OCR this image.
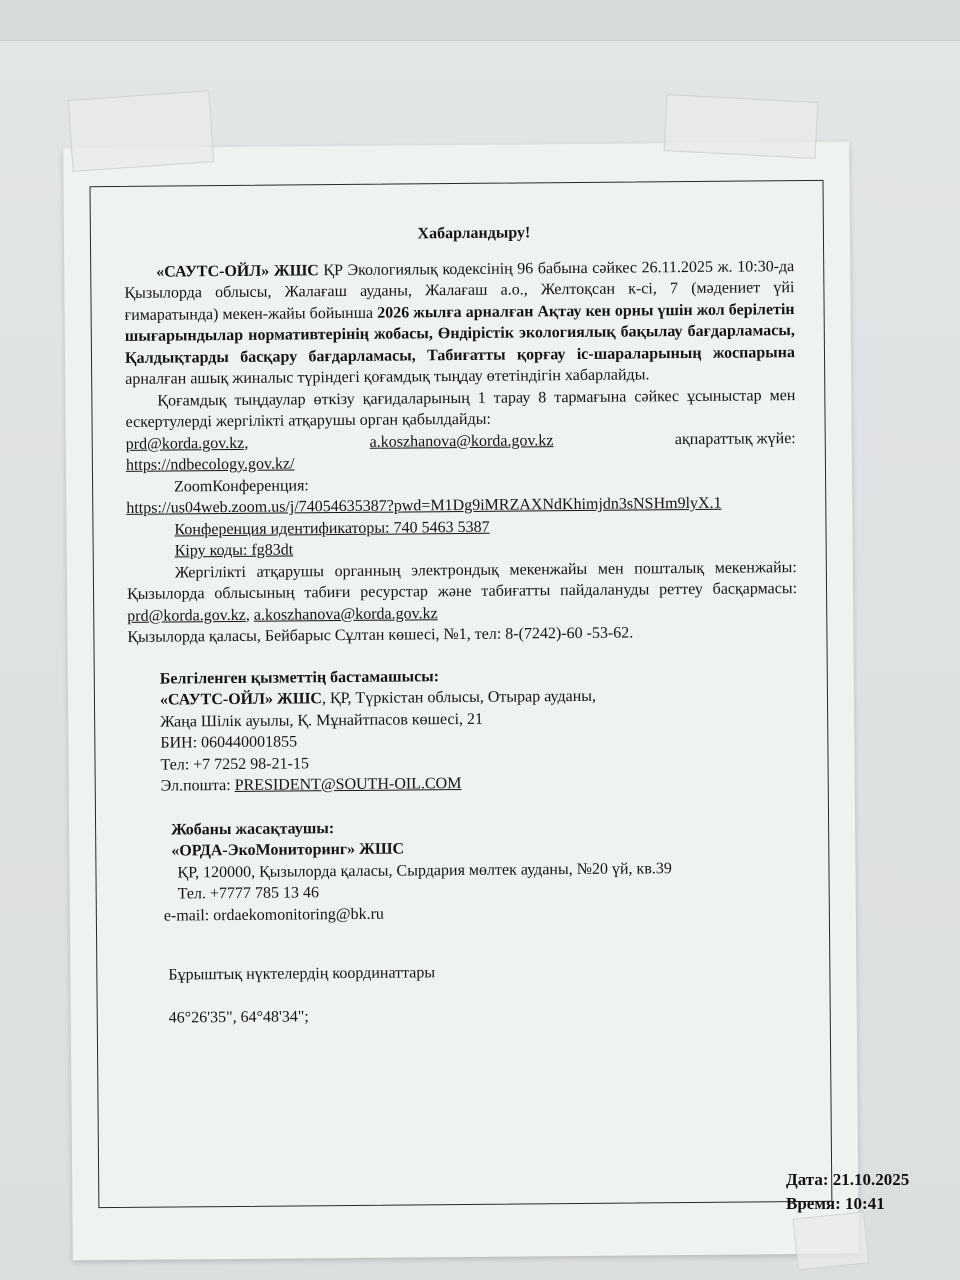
Хабарландыру!

«САУТС-ОЙЛ» ЖШС ҚР Экологиялық кодексінің 96 бабына сәйкес 26.11.2025 ж. 10:30-да Қызылорда облысы, Жалағаш ауданы, Жалағаш а.о., Желтоқсан к-сі, 7 (мәдениет үйі ғимаратында) мекен-жайы бойынша 2026 жылға арналған Ақтау кен орны үшін жол берілетін шығарындылар нормативтерінің жобасы, Өндірістік экологиялық бақылау бағдарламасы, Қалдықтарды басқару бағдарламасы, Табиғатты қорғау іс-шараларының жоспарына арналған ашық жиналыс түріндегі қоғамдық тыңдау өтетіндігін хабарлайды.

Қоғамдық тыңдаулар өткізу қағидаларының 1 тарау 8 тармағына сәйкес ұсыныстар мен ескертулерді жергілікті атқарушы орган қабылдайды:

prd@korda.gov.kz,	a.koszhanova@korda.gov.kz	ақпараттық жүйе:

https://ndbecology.gov.kz/

ZoomКонференция:

https://us04web.zoom.us/j/74054635387?pwd=M1Dg9iMRZAXNdKhimjdn3sNSHm9lyX.1

Конференция идентификаторы: 740 5463 5387

Кіру коды: fg83dt

Жергілікті атқарушы органның электрондық мекенжайы мен пошталық мекенжайы: Қызылорда облысының табиғи ресурстар және табиғатты пайдалануды реттеу басқармасы: prd@korda.gov.kz, a.koszhanova@korda.gov.kz

Қызылорда қаласы, Бейбарыс Сұлтан көшесі, №1, тел: 8-(7242)-60 -53-62.

Белгіленген қызметтің бастамашысы:

«САУТС-ОЙЛ» ЖШС, ҚР, Түркістан облысы, Отырар ауданы,

Жаңа Шілік ауылы, Қ. Мұнайтпасов көшесі, 21

БИН: 060440001855

Тел: +7 7252 98-21-15

Эл.пошта: PRESIDENT@SOUTH-OIL.COM

Жобаны жасақтаушы:

«ОРДА-ЭкоМониторинг» ЖШС

ҚР, 120000, Қызылорда қаласы, Сырдария мөлтек ауданы, №20 үй, кв.39

Тел. +7777 785 13 46

e-mail: ordaekomonitoring@bk.ru

Бұрыштық нүктелердің координаттары

46°26'35", 64°48'34";

Дата: 21.10.2025
Время: 10:41
